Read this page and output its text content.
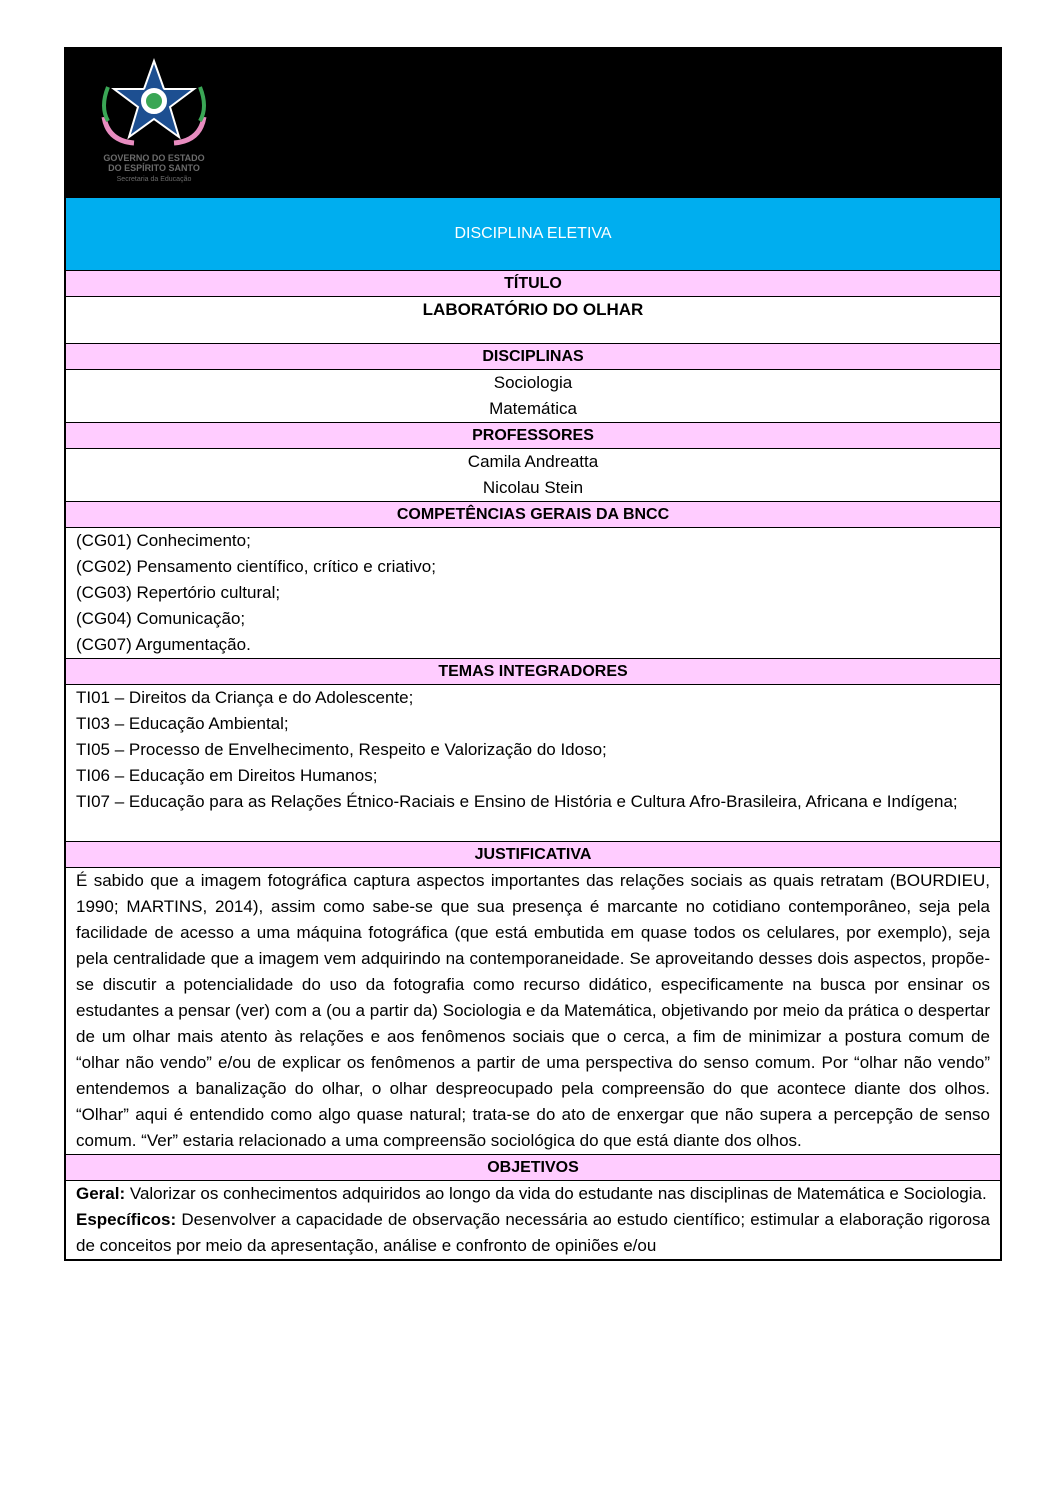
GOVERNO DO ESTADO
DO ESPÍRITO SANTO
Secretaria da Educação
DISCIPLINA ELETIVA
TÍTULO
LABORATÓRIO DO OLHAR
DISCIPLINAS
Sociologia
Matemática
PROFESSORES
Camila Andreatta
Nicolau Stein
COMPETÊNCIAS GERAIS DA BNCC
(CG01) Conhecimento;
(CG02) Pensamento científico, crítico e criativo;
(CG03) Repertório cultural;
(CG04) Comunicação;
(CG07) Argumentação.
TEMAS INTEGRADORES
TI01 – Direitos da Criança e do Adolescente;
TI03 – Educação Ambiental;
TI05 – Processo de Envelhecimento, Respeito e Valorização do Idoso;
TI06 – Educação em Direitos Humanos;
TI07 – Educação para as Relações Étnico-Raciais e Ensino de História e Cultura Afro-Brasileira, Africana e Indígena;
JUSTIFICATIVA
É sabido que a imagem fotográfica captura aspectos importantes das relações sociais as quais retratam (BOURDIEU, 1990; MARTINS, 2014), assim como sabe-se que sua presença é marcante no cotidiano contemporâneo, seja pela facilidade de acesso a uma máquina fotográfica (que está embutida em quase todos os celulares, por exemplo), seja pela centralidade que a imagem vem adquirindo na contemporaneidade. Se aproveitando desses dois aspectos, propõe-se discutir a potencialidade do uso da fotografia como recurso didático, especificamente na busca por ensinar os estudantes a pensar (ver) com a (ou a partir da) Sociologia e da Matemática, objetivando por meio da prática o despertar de um olhar mais atento às relações e aos fenômenos sociais que o cerca, a fim de minimizar a postura comum de “olhar não vendo” e/ou de explicar os fenômenos a partir de uma perspectiva do senso comum. Por “olhar não vendo” entendemos a banalização do olhar, o olhar despreocupado pela compreensão do que acontece diante dos olhos. “Olhar” aqui é entendido como algo quase natural; trata-se do ato de enxergar que não supera a percepção de senso comum. “Ver” estaria relacionado a uma compreensão sociológica do que está diante dos olhos.
OBJETIVOS
Geral: Valorizar os conhecimentos adquiridos ao longo da vida do estudante nas disciplinas de Matemática e Sociologia.
Específicos: Desenvolver a capacidade de observação necessária ao estudo científico; estimular a elaboração rigorosa de conceitos por meio da apresentação, análise e confronto de opiniões e/ou
